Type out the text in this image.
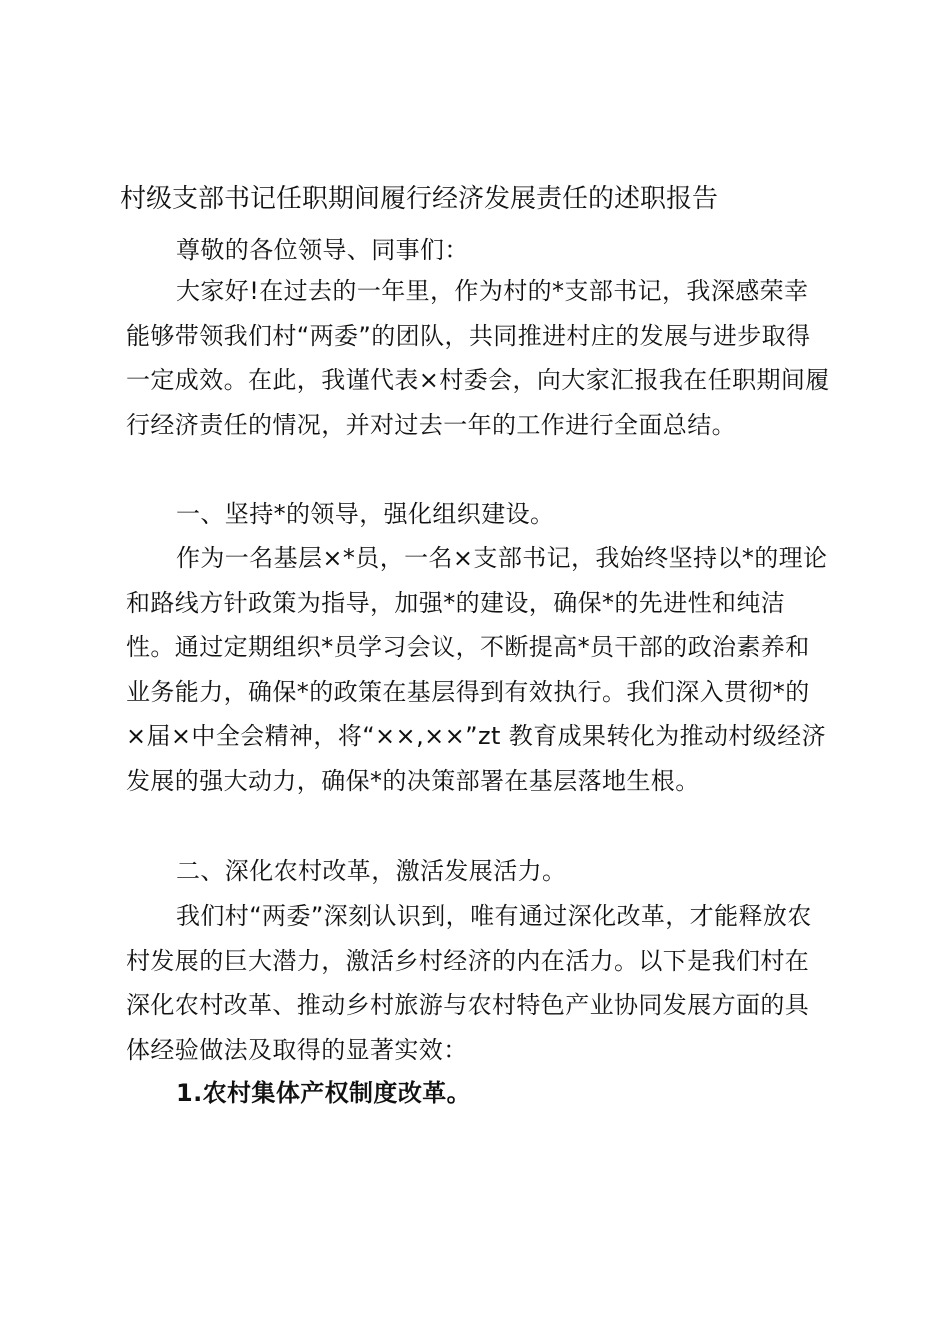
村级支部书记任职期间履行经济发展责任的述职报告
尊敬的各位领导、同事们：
大家好!在过去的一年里，作为村的*支部书记，我深感荣幸能够带领我们村“两委”的团队，共同推进村庄的发展与进步取得一定成效。在此，我谨代表×村委会，向大家汇报我在任职期间履行经济责任的情况，并对过去一年的工作进行全面总结。
一、坚持*的领导，强化组织建设。
作为一名基层×*员，一名×支部书记，我始终坚持以*的理论和路线方针政策为指导，加强*的建设，确保*的先进性和纯洁性。通过定期组织*员学习会议，不断提高*员干部的政治素养和业务能力，确保*的政策在基层得到有效执行。我们深入贯彻*的×届×中全会精神，将“××,××”zt 教育成果转化为推动村级经济发展的强大动力，确保*的决策部署在基层落地生根。
二、深化农村改革，激活发展活力。
我们村“两委”深刻认识到，唯有通过深化改革，才能释放农村发展的巨大潜力，激活乡村经济的内在活力。以下是我们村在深化农村改革、推动乡村旅游与农村特色产业协同发展方面的具体经验做法及取得的显著实效：
1.农村集体产权制度改革。
